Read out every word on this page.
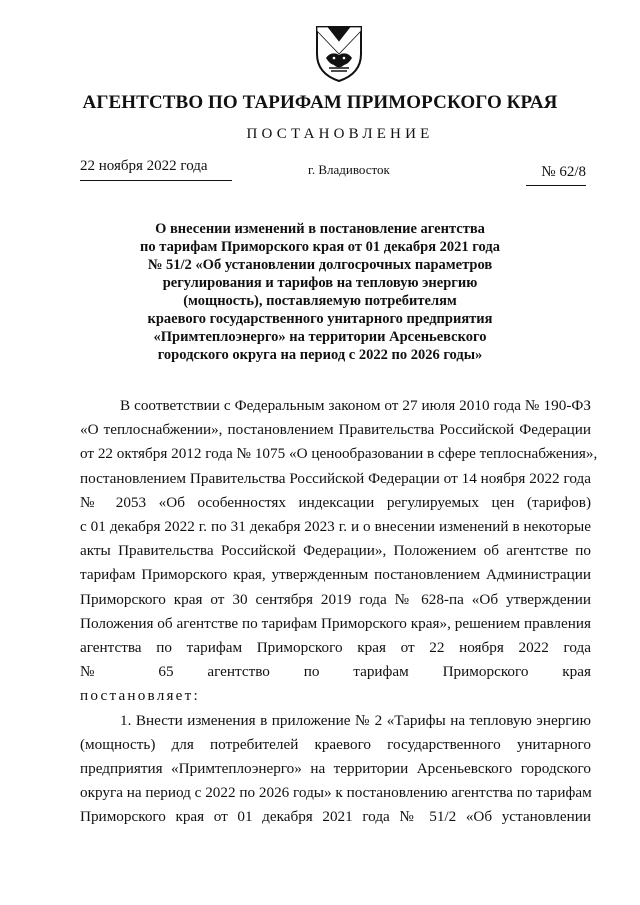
АГЕНТСТВО ПО ТАРИФАМ ПРИМОРСКОГО КРАЯ
ПОСТАНОВЛЕНИЕ
22 ноября 2022 года	г. Владивосток	№ 62/8
О внесении изменений в постановление агентства
по тарифам Приморского края от 01 декабря 2021 года
№ 51/2 «Об установлении долгосрочных параметров
регулирования и тарифов на тепловую энергию
(мощность), поставляемую потребителям
краевого государственного унитарного предприятия
«Примтеплоэнерго» на территории Арсеньевского
городского округа на период с 2022 по 2026 годы»
В соответствии с Федеральным законом от 27 июля 2010 года № 190-ФЗ
«О теплоснабжении», постановлением Правительства Российской Федерации
от 22 октября 2012 года № 1075 «О ценообразовании в сфере теплоснабжения»,
постановлением Правительства Российской Федерации от 14 ноября 2022 года
№ 2053 «Об особенностях индексации регулируемых цен (тарифов)
с 01 декабря 2022 г. по 31 декабря 2023 г. и о внесении изменений в некоторые
акты Правительства Российской Федерации», Положением об агентстве по
тарифам Приморского края, утвержденным постановлением Администрации
Приморского края от 30 сентября 2019 года № 628-па «Об утверждении
Положения об агентстве по тарифам Приморского края», решением правления
агентства по тарифам Приморского края от 22 ноября 2022 года
№ 65 агентство по тарифам Приморского края
постановляет:
1. Внести изменения в приложение № 2 «Тарифы на тепловую энергию
(мощность) для потребителей краевого государственного унитарного
предприятия «Примтеплоэнерго» на территории Арсеньевского городского
округа на период с 2022 по 2026 годы» к постановлению агентства по тарифам
Приморского края от 01 декабря 2021 года № 51/2 «Об установлении
